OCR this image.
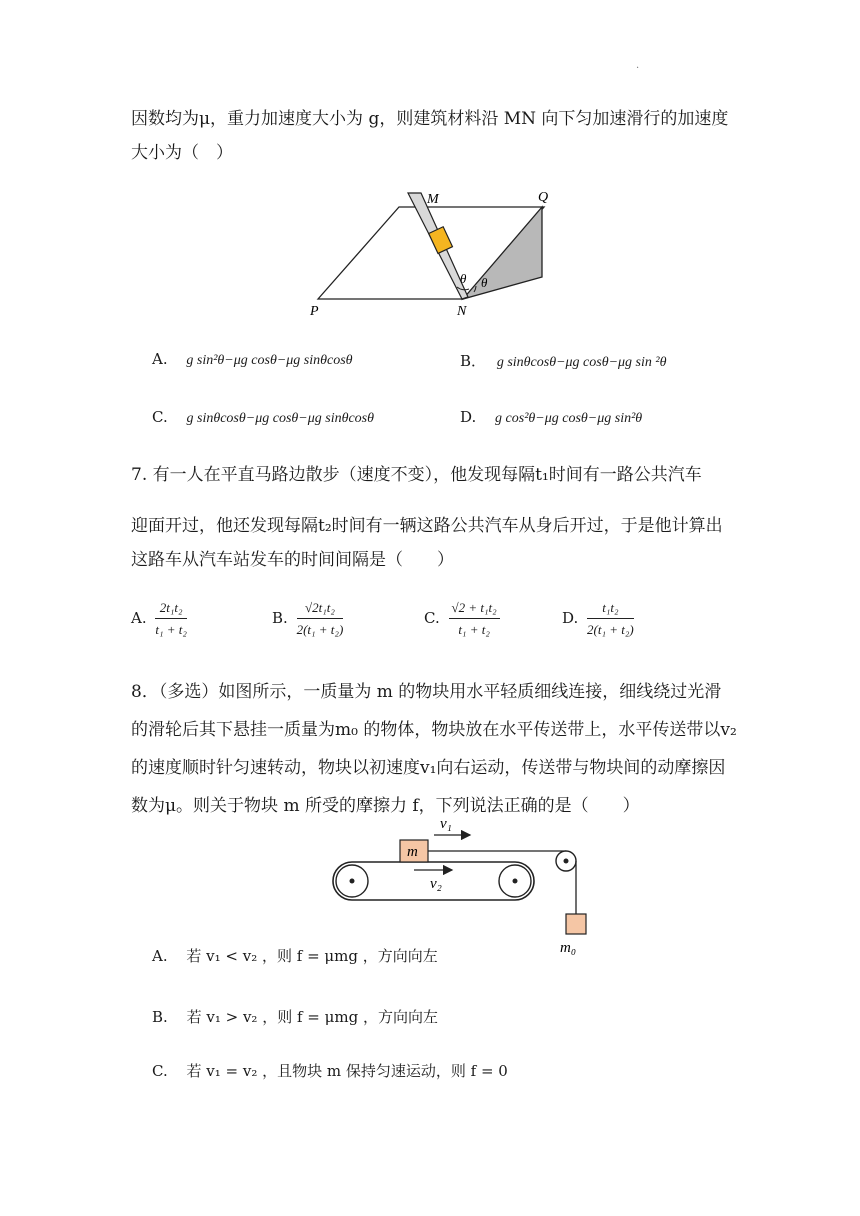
.
因数均为μ，重力加速度大小为 g，则建筑材料沿 MN 向下匀加速滑行的加速度
大小为（　）
M	Q
P	N
θ θ
A. g sin²θ−μg cosθ−μg sinθcosθ	B． g sinθcosθ−μg cosθ−μg sin ²θ
C. g sinθcosθ−μg cosθ−μg sinθcosθ	D. g cos²θ−μg cosθ−μg sin²θ
7. 有一人在平直马路边散步（速度不变），他发现每隔t₁时间有一路公共汽车
迎面开过，他还发现每隔t₂时间有一辆这路公共汽车从身后开过，于是他计算出
这路车从汽车站发车的时间间隔是（　　）
A. $\frac{\text{2t₁t₂}}{\text{t₁ + t₂}}$	B. $\frac{\text{√2t₁t₂}}{\text{2(t₁ + t₂)}}$	C. $\frac{\text{√2 + t₁t₂}}{\text{t₁ + t₂}}$	D. $\frac{\text{t₁t₂}}{\text{2(t₁ + t₂)}}$
8．（多选）如图所示，一质量为 m 的物块用水平轻质细线连接，细线绕过光滑
的滑轮后其下悬挂一质量为m₀ 的物体，物块放在水平传送带上，水平传送带以v₂
的速度顺时针匀速转动，物块以初速度v₁向右运动，传送带与物块间的动摩擦因
数为μ。则关于物块 m 所受的摩擦力 f，下列说法正确的是（　　）
m
m₀
v₁
v₂
A. 若 v₁ < v₂ ，则 f = μmg ，方向向左
B. 若 v₁ > v₂ ，则 f = μmg ，方向向左
C. 若 v₁ = v₂ ，且物块 m 保持匀速运动，则 f = 0
